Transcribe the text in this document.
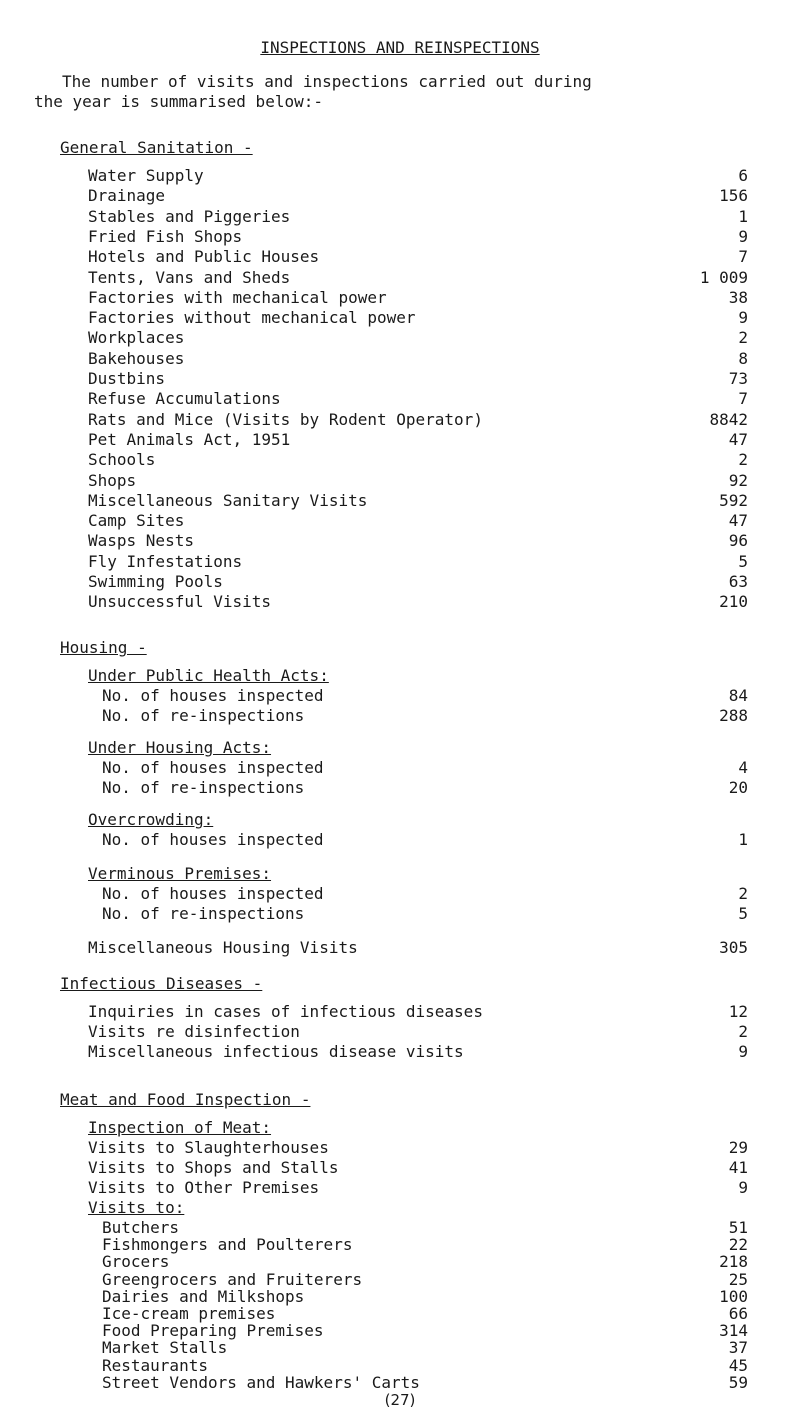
INSPECTIONS AND REINSPECTIONS
The number of visits and inspections carried out during
the year is summarised below:-
General Sanitation -
Water Supply	6
Drainage	156
Stables and Piggeries	1
Fried Fish Shops	9
Hotels and Public Houses	7
Tents, Vans and Sheds	1 009
Factories with mechanical power	38
Factories without mechanical power	9
Workplaces	2
Bakehouses	8
Dustbins	73
Refuse Accumulations	7
Rats and Mice (Visits by Rodent Operator)	8842
Pet Animals Act, 1951	47
Schools	2
Shops	92
Miscellaneous Sanitary Visits	592
Camp Sites	47
Wasps Nests	96
Fly Infestations	5
Swimming Pools	63
Unsuccessful Visits	210
Housing -
Under Public Health Acts:
No. of houses inspected	84
No. of re-inspections	288
Under Housing Acts:
No. of houses inspected	4
No. of re-inspections	20
Overcrowding:
No. of houses inspected	1
Verminous Premises:
No. of houses inspected	2
No. of re-inspections	5
Miscellaneous Housing Visits	305
Infectious Diseases -
Inquiries in cases of infectious diseases	12
Visits re disinfection	2
Miscellaneous infectious disease visits	9
Meat and Food Inspection -
Inspection of Meat:
Visits to Slaughterhouses	29
Visits to Shops and Stalls	41
Visits to Other Premises	9
Visits to:
Butchers	51
Fishmongers and Poulterers	22
Grocers	218
Greengrocers and Fruiterers	25
Dairies and Milkshops	100
Ice-cream premises	66
Food Preparing Premises	314
Market Stalls	37
Restaurants	45
Street Vendors and Hawkers' Carts	59
(27)
